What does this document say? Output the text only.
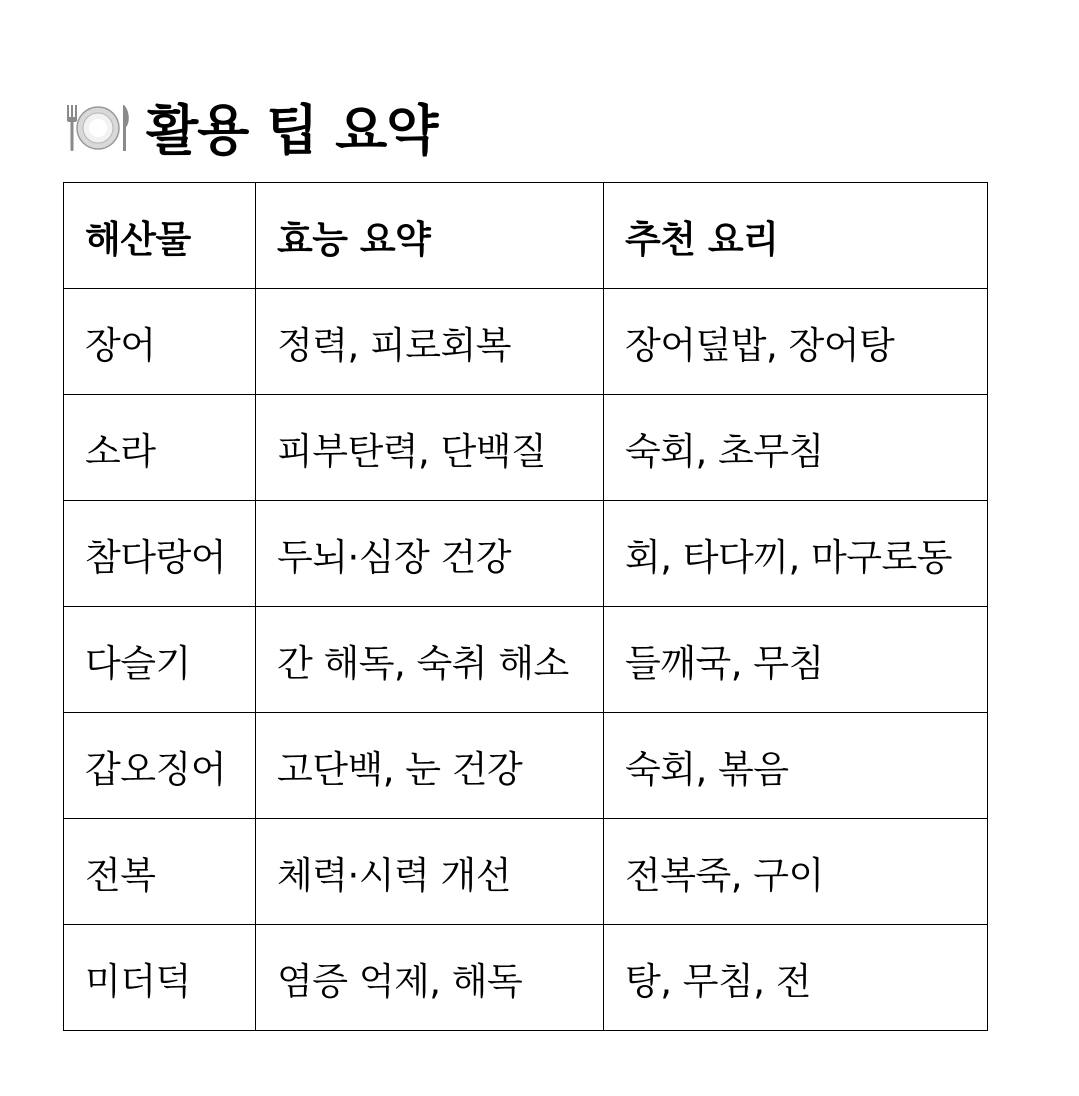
활용 팁 요약
해산물	효능 요약	추천 요리
장어	정력, 피로회복	장어덮밥, 장어탕
소라	피부탄력, 단백질	숙회, 초무침
참다랑어	두뇌·심장 건강	회, 타다끼, 마구로동
다슬기	간 해독, 숙취 해소	들깨국, 무침
갑오징어	고단백, 눈 건강	숙회, 볶음
전복	체력·시력 개선	전복죽, 구이
미더덕	염증 억제, 해독	탕, 무침, 전
